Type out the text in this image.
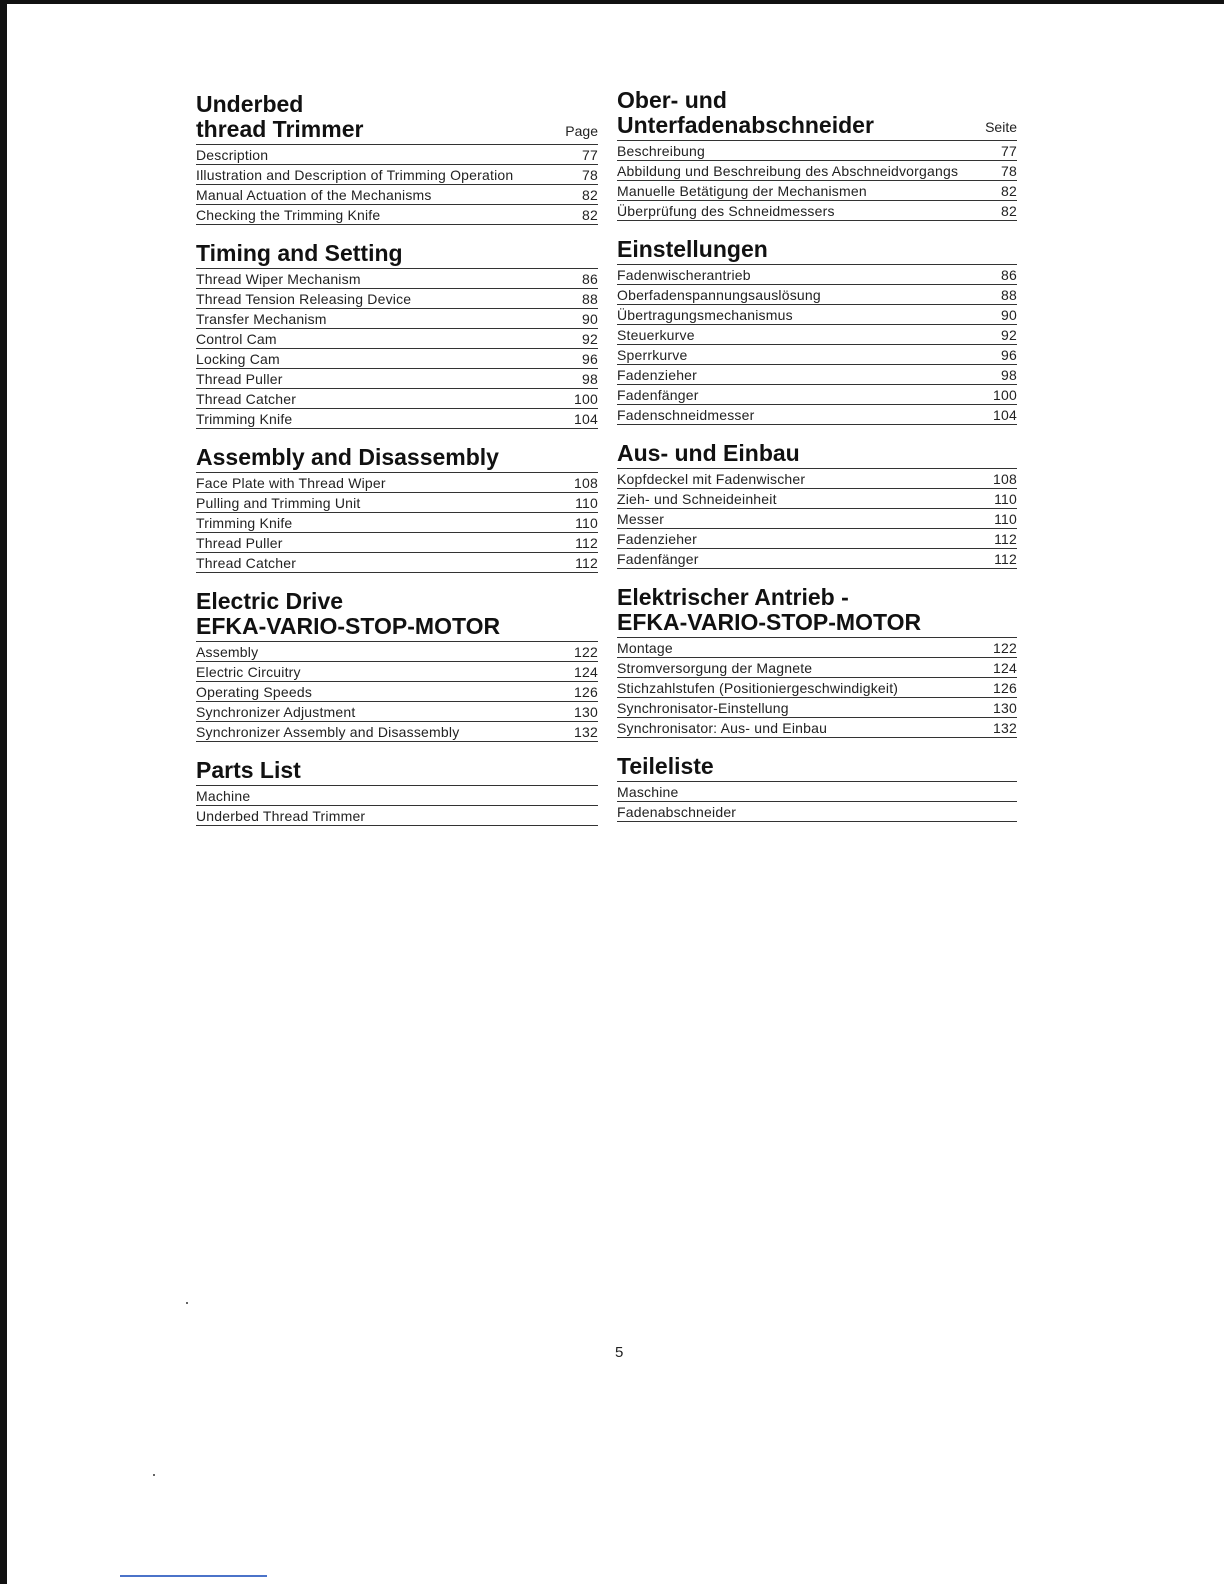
Underbed
thread Trimmer	Page
Description	77
Illustration and Description of Trimming Operation	78
Manual Actuation of the Mechanisms	82
Checking the Trimming Knife	82
Timing and Setting
Thread Wiper Mechanism	86
Thread Tension Releasing Device	88
Transfer Mechanism	90
Control Cam	92
Locking Cam	96
Thread Puller	98
Thread Catcher	100
Trimming Knife	104
Assembly and Disassembly
Face Plate with Thread Wiper	108
Pulling and Trimming Unit	110
Trimming Knife	110
Thread Puller	112
Thread Catcher	112
Electric Drive
EFKA-VARIO-STOP-MOTOR
Assembly	122
Electric Circuitry	124
Operating Speeds	126
Synchronizer Adjustment	130
Synchronizer Assembly and Disassembly	132
Parts List
Machine
Underbed Thread Trimmer
Ober- und
Unterfadenabschneider	Seite
Beschreibung	77
Abbildung und Beschreibung des Abschneidvorgangs	78
Manuelle Betätigung der Mechanismen	82
Überprüfung des Schneidmessers	82
Einstellungen
Fadenwischerantrieb	86
Oberfadenspannungsauslösung	88
Übertragungsmechanismus	90
Steuerkurve	92
Sperrkurve	96
Fadenzieher	98
Fadenfänger	100
Fadenschneidmesser	104
Aus- und Einbau
Kopfdeckel mit Fadenwischer	108
Zieh- und Schneideinheit	110
Messer	110
Fadenzieher	112
Fadenfänger	112
Elektrischer Antrieb -
EFKA-VARIO-STOP-MOTOR
Montage	122
Stromversorgung der Magnete	124
Stichzahlstufen (Positioniergeschwindigkeit)	126
Synchronisator-Einstellung	130
Synchronisator: Aus- und Einbau	132
Teileliste
Maschine
Fadenabschneider
5
